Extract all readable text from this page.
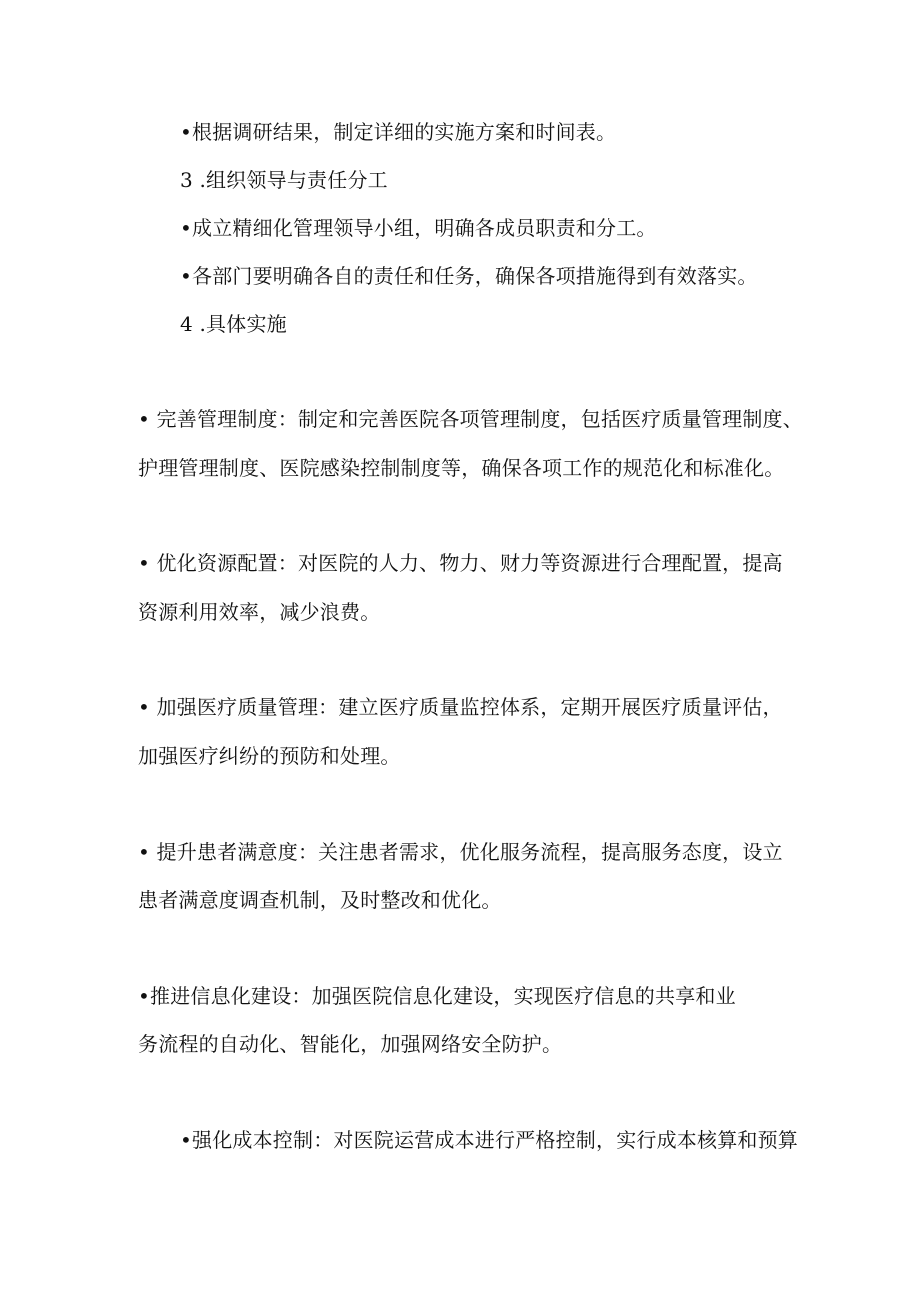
•根据调研结果，制定详细的实施方案和时间表。
3 .组织领导与责任分工
•成立精细化管理领导小组，明确各成员职责和分工。
•各部门要明确各自的责任和任务，确保各项措施得到有效落实。
4 .具体实施
• 完善管理制度：制定和完善医院各项管理制度，包括医疗质量管理制度、
护理管理制度、医院感染控制制度等，确保各项工作的规范化和标准化。
• 优化资源配置：对医院的人力、物力、财力等资源进行合理配置，提高
资源利用效率，减少浪费。
• 加强医疗质量管理：建立医疗质量监控体系，定期开展医疗质量评估，
加强医疗纠纷的预防和处理。
• 提升患者满意度：关注患者需求，优化服务流程，提高服务态度，设立
患者满意度调查机制，及时整改和优化。
•推进信息化建设：加强医院信息化建设，实现医疗信息的共享和业
务流程的自动化、智能化，加强网络安全防护。
•强化成本控制：对医院运营成本进行严格控制，实行成本核算和预算
